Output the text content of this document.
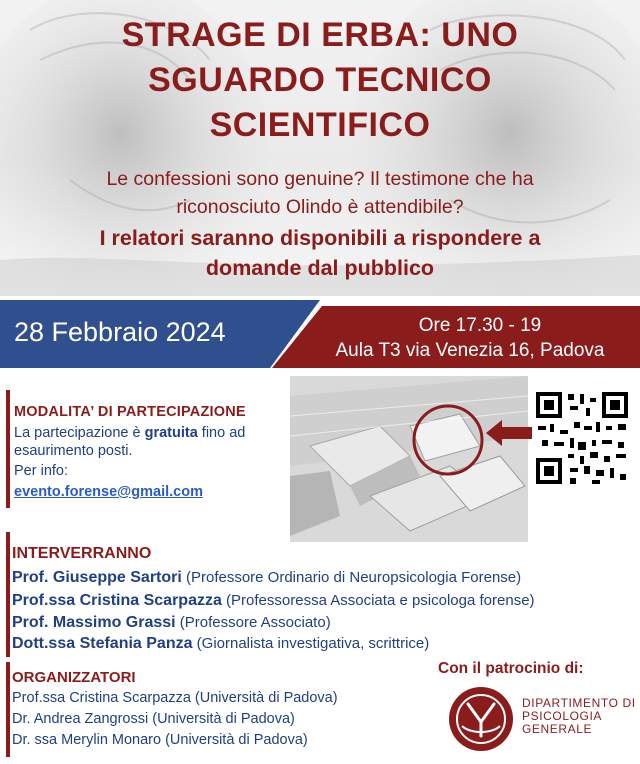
STRAGE DI ERBA: UNO
SGUARDO TECNICO
SCIENTIFICO
Le confessioni sono genuine? Il testimone che ha
riconosciuto Olindo è attendibile?
I relatori saranno disponibili a rispondere a
domande dal pubblico
28 Febbraio 2024	Ore 17.30 - 19
Aula T3 via Venezia 16, Padova
MODALITA’ DI PARTECIPAZIONE
La partecipazione è gratuita fino ad
esaurimento posti.
Per info:
evento.forense@gmail.com
INTERVERRANNO
Prof. Giuseppe Sartori (Professore Ordinario di Neuropsicologia Forense)
Prof.ssa Cristina Scarpazza (Professoressa Associata e psicologa forense)
Prof. Massimo Grassi (Professore Associato)
Dott.ssa Stefania Panza (Giornalista investigativa, scrittrice)
ORGANIZZATORI
Prof.ssa Cristina Scarpazza (Università di Padova)
Dr. Andrea Zangrossi (Università di Padova)
Dr. ssa Merylin Monaro (Università di Padova)
Con il patrocinio di:
DIPARTIMENTO DI
PSICOLOGIA
GENERALE
